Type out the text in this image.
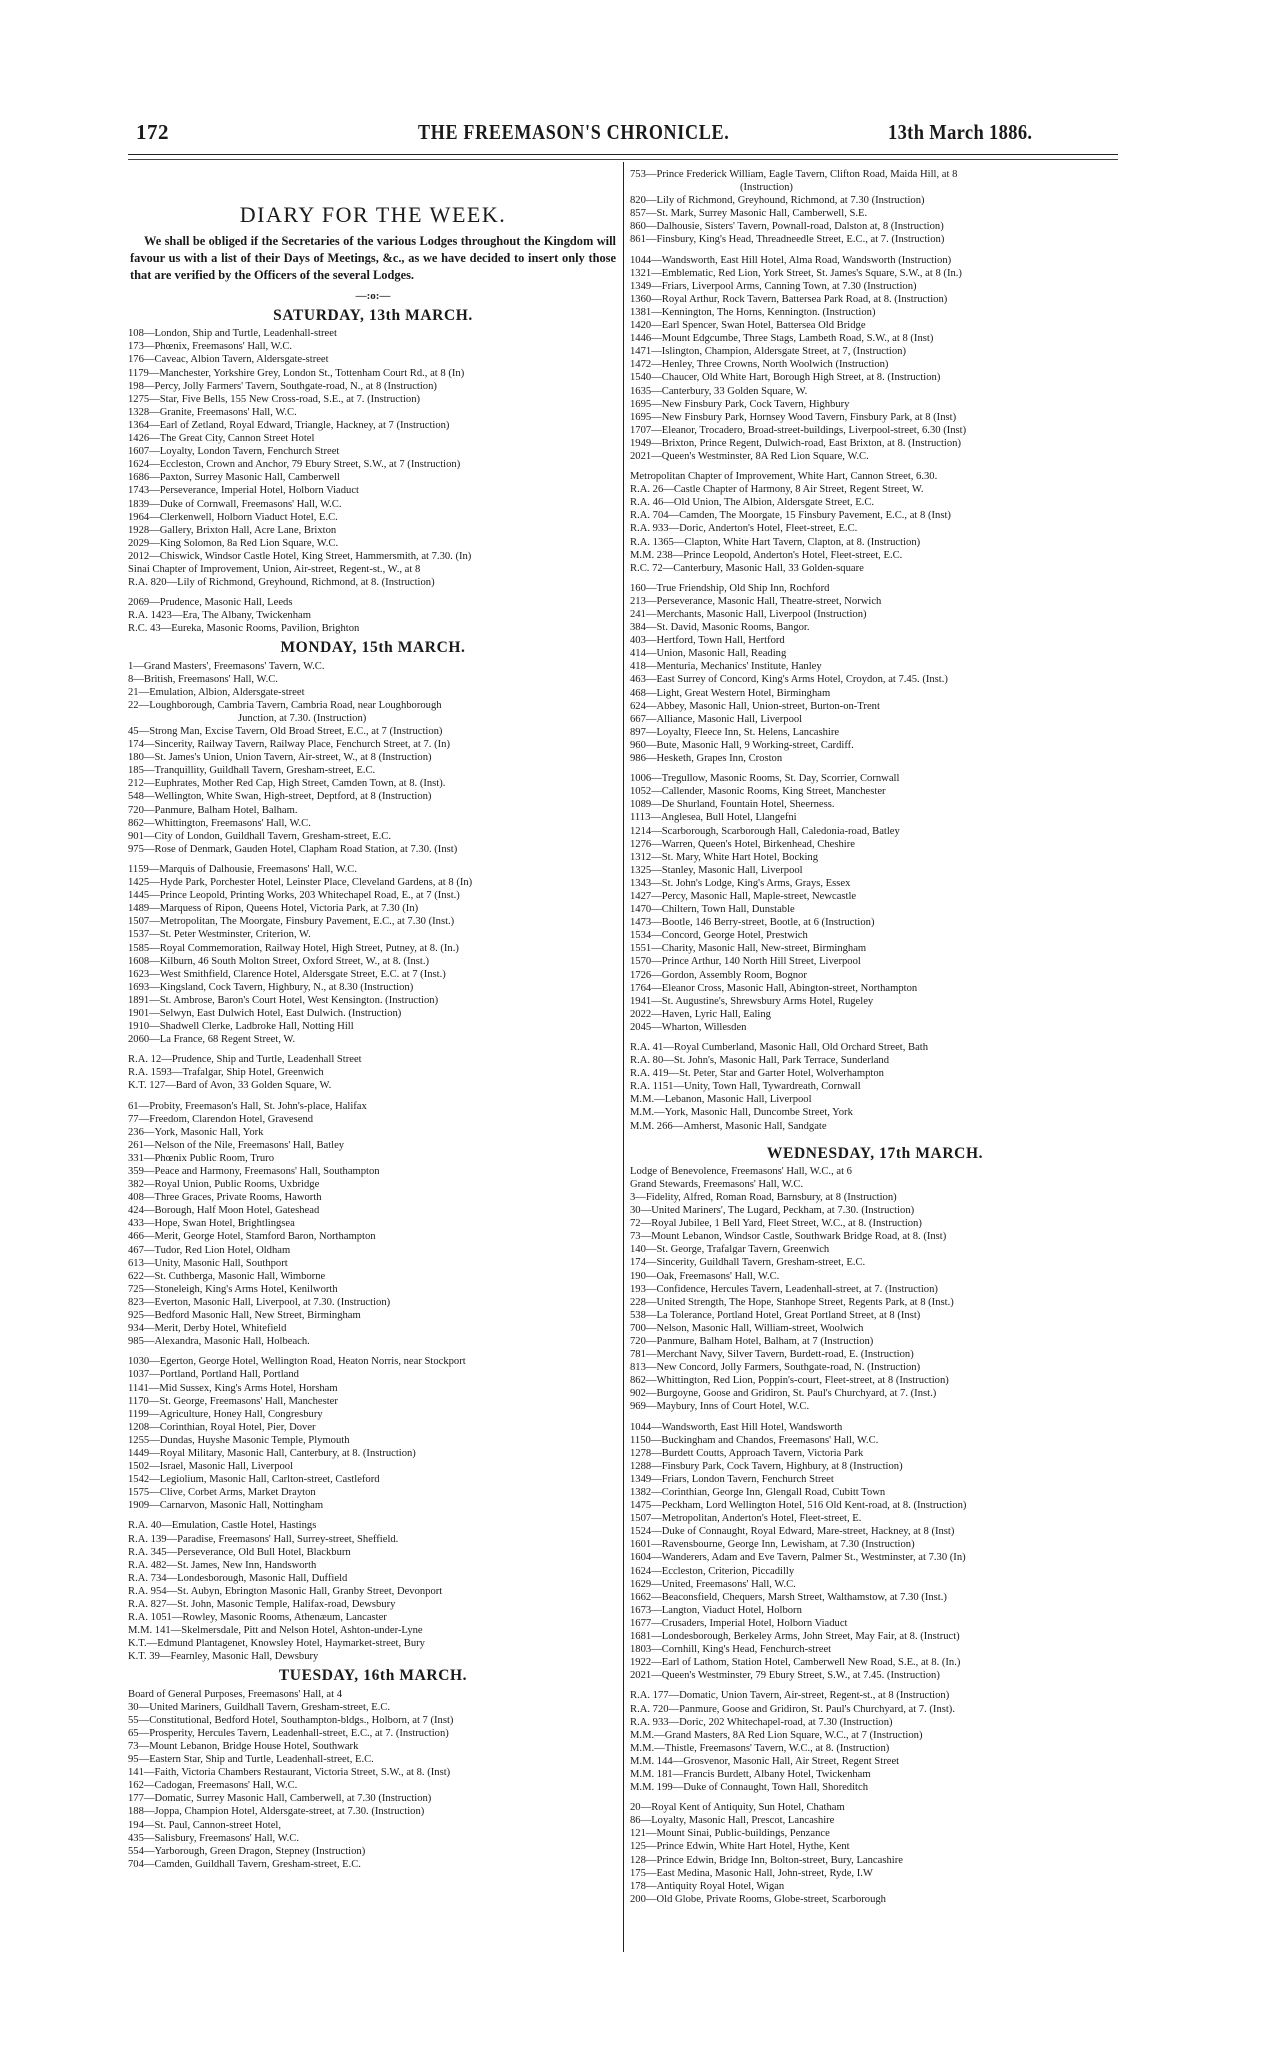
172	THE FREEMASON'S CHRONICLE.	13th March 1886.
DIARY FOR THE WEEK.
We shall be obliged if the Secretaries of the various Lodges throughout the Kingdom will favour us with a list of their Days of Meetings, &c., as we have decided to insert only those that are verified by the Officers of the several Lodges.
—:o:—
SATURDAY, 13th MARCH.
108—London, Ship and Turtle, Leadenhall-street
173—Phœnix, Freemasons' Hall, W.C.
176—Caveac, Albion Tavern, Aldersgate-street
1179—Manchester, Yorkshire Grey, London St., Tottenham Court Rd., at 8 (In)
198—Percy, Jolly Farmers' Tavern, Southgate-road, N., at 8 (Instruction)
1275—Star, Five Bells, 155 New Cross-road, S.E., at 7. (Instruction)
1328—Granite, Freemasons' Hall, W.C.
1364—Earl of Zetland, Royal Edward, Triangle, Hackney, at 7 (Instruction)
1426—The Great City, Cannon Street Hotel
1607—Loyalty, London Tavern, Fenchurch Street
1624—Eccleston, Crown and Anchor, 79 Ebury Street, S.W., at 7 (Instruction)
1686—Paxton, Surrey Masonic Hall, Camberwell
1743—Perseverance, Imperial Hotel, Holborn Viaduct
1839—Duke of Cornwall, Freemasons' Hall, W.C.
1964—Clerkenwell, Holborn Viaduct Hotel, E.C.
1928—Gallery, Brixton Hall, Acre Lane, Brixton
2029—King Solomon, 8a Red Lion Square, W.C.
2012—Chiswick, Windsor Castle Hotel, King Street, Hammersmith, at 7.30. (In)
Sinai Chapter of Improvement, Union, Air-street, Regent-st., W., at 8
R.A. 820—Lily of Richmond, Greyhound, Richmond, at 8. (Instruction)
2069—Prudence, Masonic Hall, Leeds
R.A. 1423—Era, The Albany, Twickenham
R.C. 43—Eureka, Masonic Rooms, Pavilion, Brighton
MONDAY, 15th MARCH.
1—Grand Masters', Freemasons' Tavern, W.C.
8—British, Freemasons' Hall, W.C.
21—Emulation, Albion, Aldersgate-street
22—Loughborough, Cambria Tavern, Cambria Road, near Loughborough
Junction, at 7.30. (Instruction)
45—Strong Man, Excise Tavern, Old Broad Street, E.C., at 7 (Instruction)
174—Sincerity, Railway Tavern, Railway Place, Fenchurch Street, at 7. (In)
180—St. James's Union, Union Tavern, Air-street, W., at 8 (Instruction)
185—Tranquillity, Guildhall Tavern, Gresham-street, E.C.
212—Euphrates, Mother Red Cap, High Street, Camden Town, at 8. (Inst).
548—Wellington, White Swan, High-street, Deptford, at 8 (Instruction)
720—Panmure, Balham Hotel, Balham.
862—Whittington, Freemasons' Hall, W.C.
901—City of London, Guildhall Tavern, Gresham-street, E.C.
975—Rose of Denmark, Gauden Hotel, Clapham Road Station, at 7.30. (Inst)
1159—Marquis of Dalhousie, Freemasons' Hall, W.C.
1425—Hyde Park, Porchester Hotel, Leinster Place, Cleveland Gardens, at 8 (In)
1445—Prince Leopold, Printing Works, 203 Whitechapel Road, E., at 7 (Inst.)
1489—Marquess of Ripon, Queens Hotel, Victoria Park, at 7.30 (In)
1507—Metropolitan, The Moorgate, Finsbury Pavement, E.C., at 7.30 (Inst.)
1537—St. Peter Westminster, Criterion, W.
1585—Royal Commemoration, Railway Hotel, High Street, Putney, at 8. (In.)
1608—Kilburn, 46 South Molton Street, Oxford Street, W., at 8. (Inst.)
1623—West Smithfield, Clarence Hotel, Aldersgate Street, E.C. at 7 (Inst.)
1693—Kingsland, Cock Tavern, Highbury, N., at 8.30 (Instruction)
1891—St. Ambrose, Baron's Court Hotel, West Kensington. (Instruction)
1901—Selwyn, East Dulwich Hotel, East Dulwich. (Instruction)
1910—Shadwell Clerke, Ladbroke Hall, Notting Hill
2060—La France, 68 Regent Street, W.
R.A. 12—Prudence, Ship and Turtle, Leadenhall Street
R.A. 1593—Trafalgar, Ship Hotel, Greenwich
K.T. 127—Bard of Avon, 33 Golden Square, W.
61—Probity, Freemason's Hall, St. John's-place, Halifax
77—Freedom, Clarendon Hotel, Gravesend
236—York, Masonic Hall, York
261—Nelson of the Nile, Freemasons' Hall, Batley
331—Phœnix Public Room, Truro
359—Peace and Harmony, Freemasons' Hall, Southampton
382—Royal Union, Public Rooms, Uxbridge
408—Three Graces, Private Rooms, Haworth
424—Borough, Half Moon Hotel, Gateshead
433—Hope, Swan Hotel, Brightlingsea
466—Merit, George Hotel, Stamford Baron, Northampton
467—Tudor, Red Lion Hotel, Oldham
613—Unity, Masonic Hall, Southport
622—St. Cuthberga, Masonic Hall, Wimborne
725—Stoneleigh, King's Arms Hotel, Kenilworth
823—Everton, Masonic Hall, Liverpool, at 7.30. (Instruction)
925—Bedford Masonic Hall, New Street, Birmingham
934—Merit, Derby Hotel, Whitefield
985—Alexandra, Masonic Hall, Holbeach.
1030—Egerton, George Hotel, Wellington Road, Heaton Norris, near Stockport
1037—Portland, Portland Hall, Portland
1141—Mid Sussex, King's Arms Hotel, Horsham
1170—St. George, Freemasons' Hall, Manchester
1199—Agriculture, Honey Hall, Congresbury
1208—Corinthian, Royal Hotel, Pier, Dover
1255—Dundas, Huyshe Masonic Temple, Plymouth
1449—Royal Military, Masonic Hall, Canterbury, at 8. (Instruction)
1502—Israel, Masonic Hall, Liverpool
1542—Legiolium, Masonic Hall, Carlton-street, Castleford
1575—Clive, Corbet Arms, Market Drayton
1909—Carnarvon, Masonic Hall, Nottingham
R.A. 40—Emulation, Castle Hotel, Hastings
R.A. 139—Paradise, Freemasons' Hall, Surrey-street, Sheffield.
R.A. 345—Perseverance, Old Bull Hotel, Blackburn
R.A. 482—St. James, New Inn, Handsworth
R.A. 734—Londesborough, Masonic Hall, Duffield
R.A. 954—St. Aubyn, Ebrington Masonic Hall, Granby Street, Devonport
R.A. 827—St. John, Masonic Temple, Halifax-road, Dewsbury
R.A. 1051—Rowley, Masonic Rooms, Athenæum, Lancaster
M.M. 141—Skelmersdale, Pitt and Nelson Hotel, Ashton-under-Lyne
K.T.—Edmund Plantagenet, Knowsley Hotel, Haymarket-street, Bury
K.T. 39—Fearnley, Masonic Hall, Dewsbury
TUESDAY, 16th MARCH.
Board of General Purposes, Freemasons' Hall, at 4
30—United Mariners, Guildhall Tavern, Gresham-street, E.C.
55—Constitutional, Bedford Hotel, Southampton-bldgs., Holborn, at 7 (Inst)
65—Prosperity, Hercules Tavern, Leadenhall-street, E.C., at 7. (Instruction)
73—Mount Lebanon, Bridge House Hotel, Southwark
95—Eastern Star, Ship and Turtle, Leadenhall-street, E.C.
141—Faith, Victoria Chambers Restaurant, Victoria Street, S.W., at 8. (Inst)
162—Cadogan, Freemasons' Hall, W.C.
177—Domatic, Surrey Masonic Hall, Camberwell, at 7.30 (Instruction)
188—Joppa, Champion Hotel, Aldersgate-street, at 7.30. (Instruction)
194—St. Paul, Cannon-street Hotel,
435—Salisbury, Freemasons' Hall, W.C.
554—Yarborough, Green Dragon, Stepney (Instruction)
704—Camden, Guildhall Tavern, Gresham-street, E.C.
753—Prince Frederick William, Eagle Tavern, Clifton Road, Maida Hill, at 8
(Instruction)
820—Lily of Richmond, Greyhound, Richmond, at 7.30 (Instruction)
857—St. Mark, Surrey Masonic Hall, Camberwell, S.E.
860—Dalhousie, Sisters' Tavern, Pownall-road, Dalston at, 8 (Instruction)
861—Finsbury, King's Head, Threadneedle Street, E.C., at 7. (Instruction)
1044—Wandsworth, East Hill Hotel, Alma Road, Wandsworth (Instruction)
1321—Emblematic, Red Lion, York Street, St. James's Square, S.W., at 8 (In.)
1349—Friars, Liverpool Arms, Canning Town, at 7.30 (Instruction)
1360—Royal Arthur, Rock Tavern, Battersea Park Road, at 8. (Instruction)
1381—Kennington, The Horns, Kennington. (Instruction)
1420—Earl Spencer, Swan Hotel, Battersea Old Bridge
1446—Mount Edgcumbe, Three Stags, Lambeth Road, S.W., at 8 (Inst)
1471—Islington, Champion, Aldersgate Street, at 7, (Instruction)
1472—Henley, Three Crowns, North Woolwich (Instruction)
1540—Chaucer, Old White Hart, Borough High Street, at 8. (Instruction)
1635—Canterbury, 33 Golden Square, W.
1695—New Finsbury Park, Cock Tavern, Highbury
1695—New Finsbury Park, Hornsey Wood Tavern, Finsbury Park, at 8 (Inst)
1707—Eleanor, Trocadero, Broad-street-buildings, Liverpool-street, 6.30 (Inst)
1949—Brixton, Prince Regent, Dulwich-road, East Brixton, at 8. (Instruction)
2021—Queen's Westminster, 8A Red Lion Square, W.C.
Metropolitan Chapter of Improvement, White Hart, Cannon Street, 6.30.
R.A. 26—Castle Chapter of Harmony, 8 Air Street, Regent Street, W.
R.A. 46—Old Union, The Albion, Aldersgate Street, E.C.
R.A. 704—Camden, The Moorgate, 15 Finsbury Pavement, E.C., at 8 (Inst)
R.A. 933—Doric, Anderton's Hotel, Fleet-street, E.C.
R.A. 1365—Clapton, White Hart Tavern, Clapton, at 8. (Instruction)
M.M. 238—Prince Leopold, Anderton's Hotel, Fleet-street, E.C.
R.C. 72—Canterbury, Masonic Hall, 33 Golden-square
160—True Friendship, Old Ship Inn, Rochford
213—Perseverance, Masonic Hall, Theatre-street, Norwich
241—Merchants, Masonic Hall, Liverpool (Instruction)
384—St. David, Masonic Rooms, Bangor.
403—Hertford, Town Hall, Hertford
414—Union, Masonic Hall, Reading
418—Menturia, Mechanics' Institute, Hanley
463—East Surrey of Concord, King's Arms Hotel, Croydon, at 7.45. (Inst.)
468—Light, Great Western Hotel, Birmingham
624—Abbey, Masonic Hall, Union-street, Burton-on-Trent
667—Alliance, Masonic Hall, Liverpool
897—Loyalty, Fleece Inn, St. Helens, Lancashire
960—Bute, Masonic Hall, 9 Working-street, Cardiff.
986—Hesketh, Grapes Inn, Croston
1006—Tregullow, Masonic Rooms, St. Day, Scorrier, Cornwall
1052—Callender, Masonic Rooms, King Street, Manchester
1089—De Shurland, Fountain Hotel, Sheerness.
1113—Anglesea, Bull Hotel, Llangefni
1214—Scarborough, Scarborough Hall, Caledonia-road, Batley
1276—Warren, Queen's Hotel, Birkenhead, Cheshire
1312—St. Mary, White Hart Hotel, Bocking
1325—Stanley, Masonic Hall, Liverpool
1343—St. John's Lodge, King's Arms, Grays, Essex
1427—Percy, Masonic Hall, Maple-street, Newcastle
1470—Chiltern, Town Hall, Dunstable
1473—Bootle, 146 Berry-street, Bootle, at 6 (Instruction)
1534—Concord, George Hotel, Prestwich
1551—Charity, Masonic Hall, New-street, Birmingham
1570—Prince Arthur, 140 North Hill Street, Liverpool
1726—Gordon, Assembly Room, Bognor
1764—Eleanor Cross, Masonic Hall, Abington-street, Northampton
1941—St. Augustine's, Shrewsbury Arms Hotel, Rugeley
2022—Haven, Lyric Hall, Ealing
2045—Wharton, Willesden
R.A. 41—Royal Cumberland, Masonic Hall, Old Orchard Street, Bath
R.A. 80—St. John's, Masonic Hall, Park Terrace, Sunderland
R.A. 419—St. Peter, Star and Garter Hotel, Wolverhampton
R.A. 1151—Unity, Town Hall, Tywardreath, Cornwall
M.M.—Lebanon, Masonic Hall, Liverpool
M.M.—York, Masonic Hall, Duncombe Street, York
M.M. 266—Amherst, Masonic Hall, Sandgate
WEDNESDAY, 17th MARCH.
Lodge of Benevolence, Freemasons' Hall, W.C., at 6
Grand Stewards, Freemasons' Hall, W.C.
3—Fidelity, Alfred, Roman Road, Barnsbury, at 8 (Instruction)
30—United Mariners', The Lugard, Peckham, at 7.30. (Instruction)
72—Royal Jubilee, 1 Bell Yard, Fleet Street, W.C., at 8. (Instruction)
73—Mount Lebanon, Windsor Castle, Southwark Bridge Road, at 8. (Inst)
140—St. George, Trafalgar Tavern, Greenwich
174—Sincerity, Guildhall Tavern, Gresham-street, E.C.
190—Oak, Freemasons' Hall, W.C.
193—Confidence, Hercules Tavern, Leadenhall-street, at 7. (Instruction)
228—United Strength, The Hope, Stanhope Street, Regents Park, at 8 (Inst.)
538—La Tolerance, Portland Hotel, Great Portland Street, at 8 (Inst)
700—Nelson, Masonic Hall, William-street, Woolwich
720—Panmure, Balham Hotel, Balham, at 7 (Instruction)
781—Merchant Navy, Silver Tavern, Burdett-road, E. (Instruction)
813—New Concord, Jolly Farmers, Southgate-road, N. (Instruction)
862—Whittington, Red Lion, Poppin's-court, Fleet-street, at 8 (Instruction)
902—Burgoyne, Goose and Gridiron, St. Paul's Churchyard, at 7. (Inst.)
969—Maybury, Inns of Court Hotel, W.C.
1044—Wandsworth, East Hill Hotel, Wandsworth
1150—Buckingham and Chandos, Freemasons' Hall, W.C.
1278—Burdett Coutts, Approach Tavern, Victoria Park
1288—Finsbury Park, Cock Tavern, Highbury, at 8 (Instruction)
1349—Friars, London Tavern, Fenchurch Street
1382—Corinthian, George Inn, Glengall Road, Cubitt Town
1475—Peckham, Lord Wellington Hotel, 516 Old Kent-road, at 8. (Instruction)
1507—Metropolitan, Anderton's Hotel, Fleet-street, E.
1524—Duke of Connaught, Royal Edward, Mare-street, Hackney, at 8 (Inst)
1601—Ravensbourne, George Inn, Lewisham, at 7.30 (Instruction)
1604—Wanderers, Adam and Eve Tavern, Palmer St., Westminster, at 7.30 (In)
1624—Eccleston, Criterion, Piccadilly
1629—United, Freemasons' Hall, W.C.
1662—Beaconsfield, Chequers, Marsh Street, Walthamstow, at 7.30 (Inst.)
1673—Langton, Viaduct Hotel, Holborn
1677—Crusaders, Imperial Hotel, Holborn Viaduct
1681—Londesborough, Berkeley Arms, John Street, May Fair, at 8. (Instruct)
1803—Cornhill, King's Head, Fenchurch-street
1922—Earl of Lathom, Station Hotel, Camberwell New Road, S.E., at 8. (In.)
2021—Queen's Westminster, 79 Ebury Street, S.W., at 7.45. (Instruction)
R.A. 177—Domatic, Union Tavern, Air-street, Regent-st., at 8 (Instruction)
R.A. 720—Panmure, Goose and Gridiron, St. Paul's Churchyard, at 7. (Inst).
R.A. 933—Doric, 202 Whitechapel-road, at 7.30 (Instruction)
M.M.—Grand Masters, 8A Red Lion Square, W.C., at 7 (Instruction)
M.M.—Thistle, Freemasons' Tavern, W.C., at 8. (Instruction)
M.M. 144—Grosvenor, Masonic Hall, Air Street, Regent Street
M.M. 181—Francis Burdett, Albany Hotel, Twickenham
M.M. 199—Duke of Connaught, Town Hall, Shoreditch
20—Royal Kent of Antiquity, Sun Hotel, Chatham
86—Loyalty, Masonic Hall, Prescot, Lancashire
121—Mount Sinai, Public-buildings, Penzance
125—Prince Edwin, White Hart Hotel, Hythe, Kent
128—Prince Edwin, Bridge Inn, Bolton-street, Bury, Lancashire
175—East Medina, Masonic Hall, John-street, Ryde, I.W
178—Antiquity Royal Hotel, Wigan
200—Old Globe, Private Rooms, Globe-street, Scarborough
